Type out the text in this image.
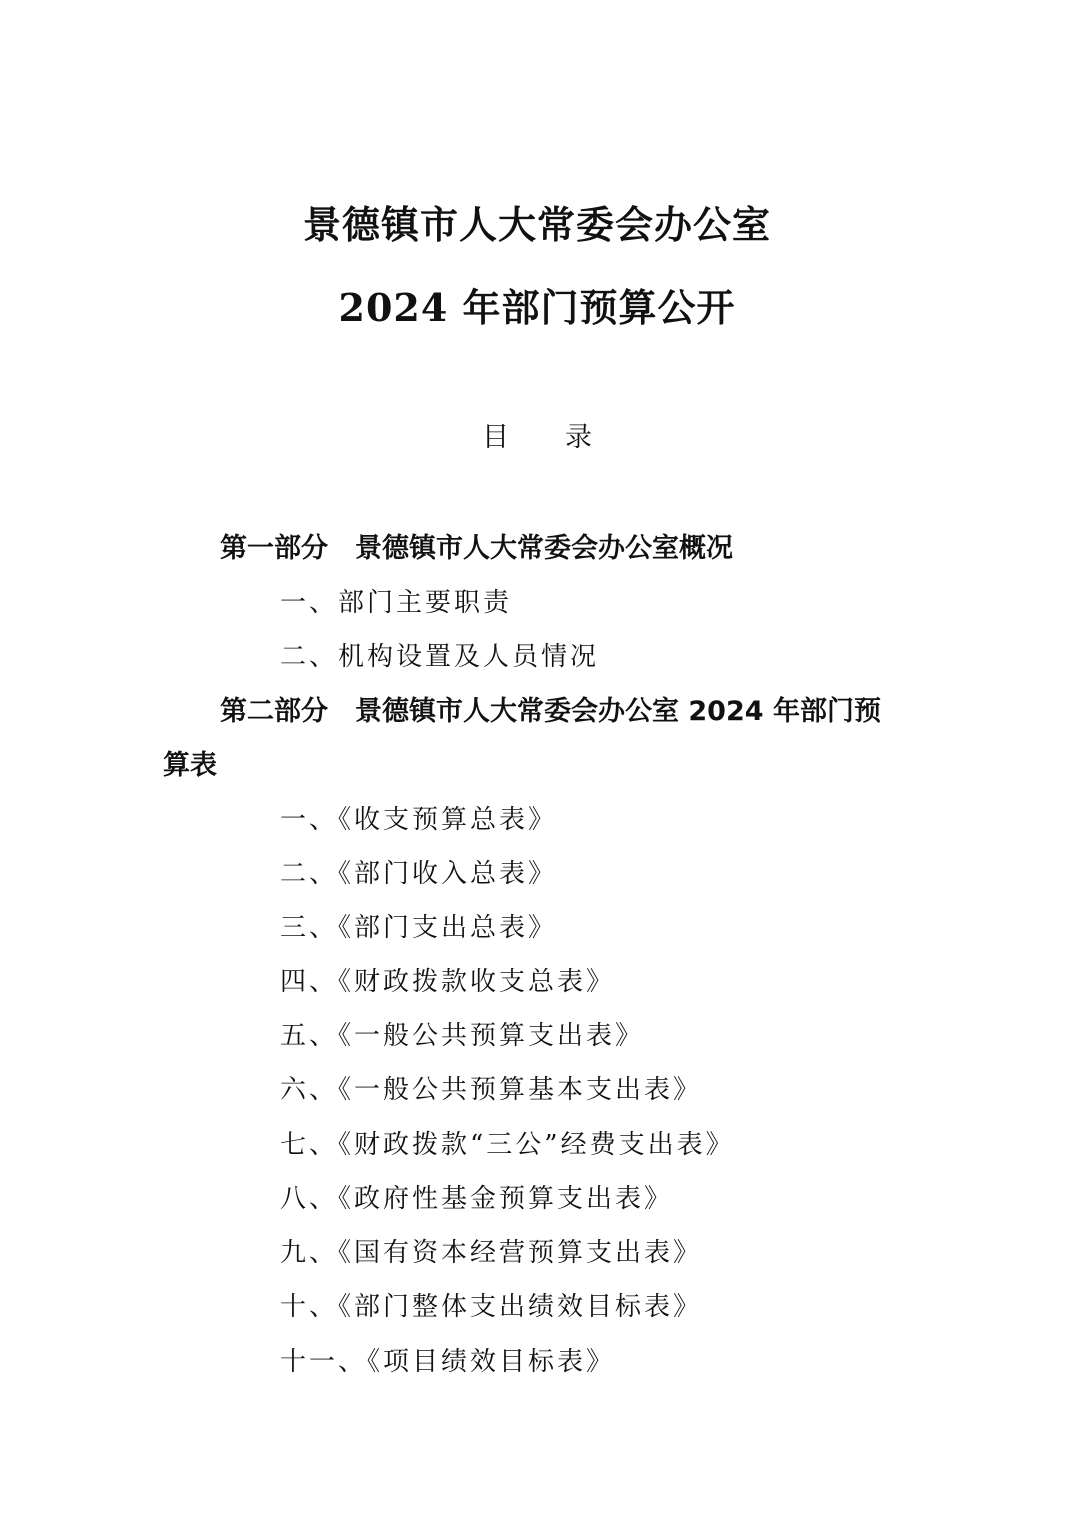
景德镇市人大常委会办公室
2024 年部门预算公开
目 录
第一部分 景德镇市人大常委会办公室概况
一、部门主要职责
二、机构设置及人员情况
第二部分 景德镇市人大常委会办公室 2024 年部门预
算表
一、《收支预算总表》
二、《部门收入总表》
三、《部门支出总表》
四、《财政拨款收支总表》
五、《一般公共预算支出表》
六、《一般公共预算基本支出表》
七、《财政拨款“三公”经费支出表》
八、《政府性基金预算支出表》
九、《国有资本经营预算支出表》
十、《部门整体支出绩效目标表》
十一、《项目绩效目标表》
